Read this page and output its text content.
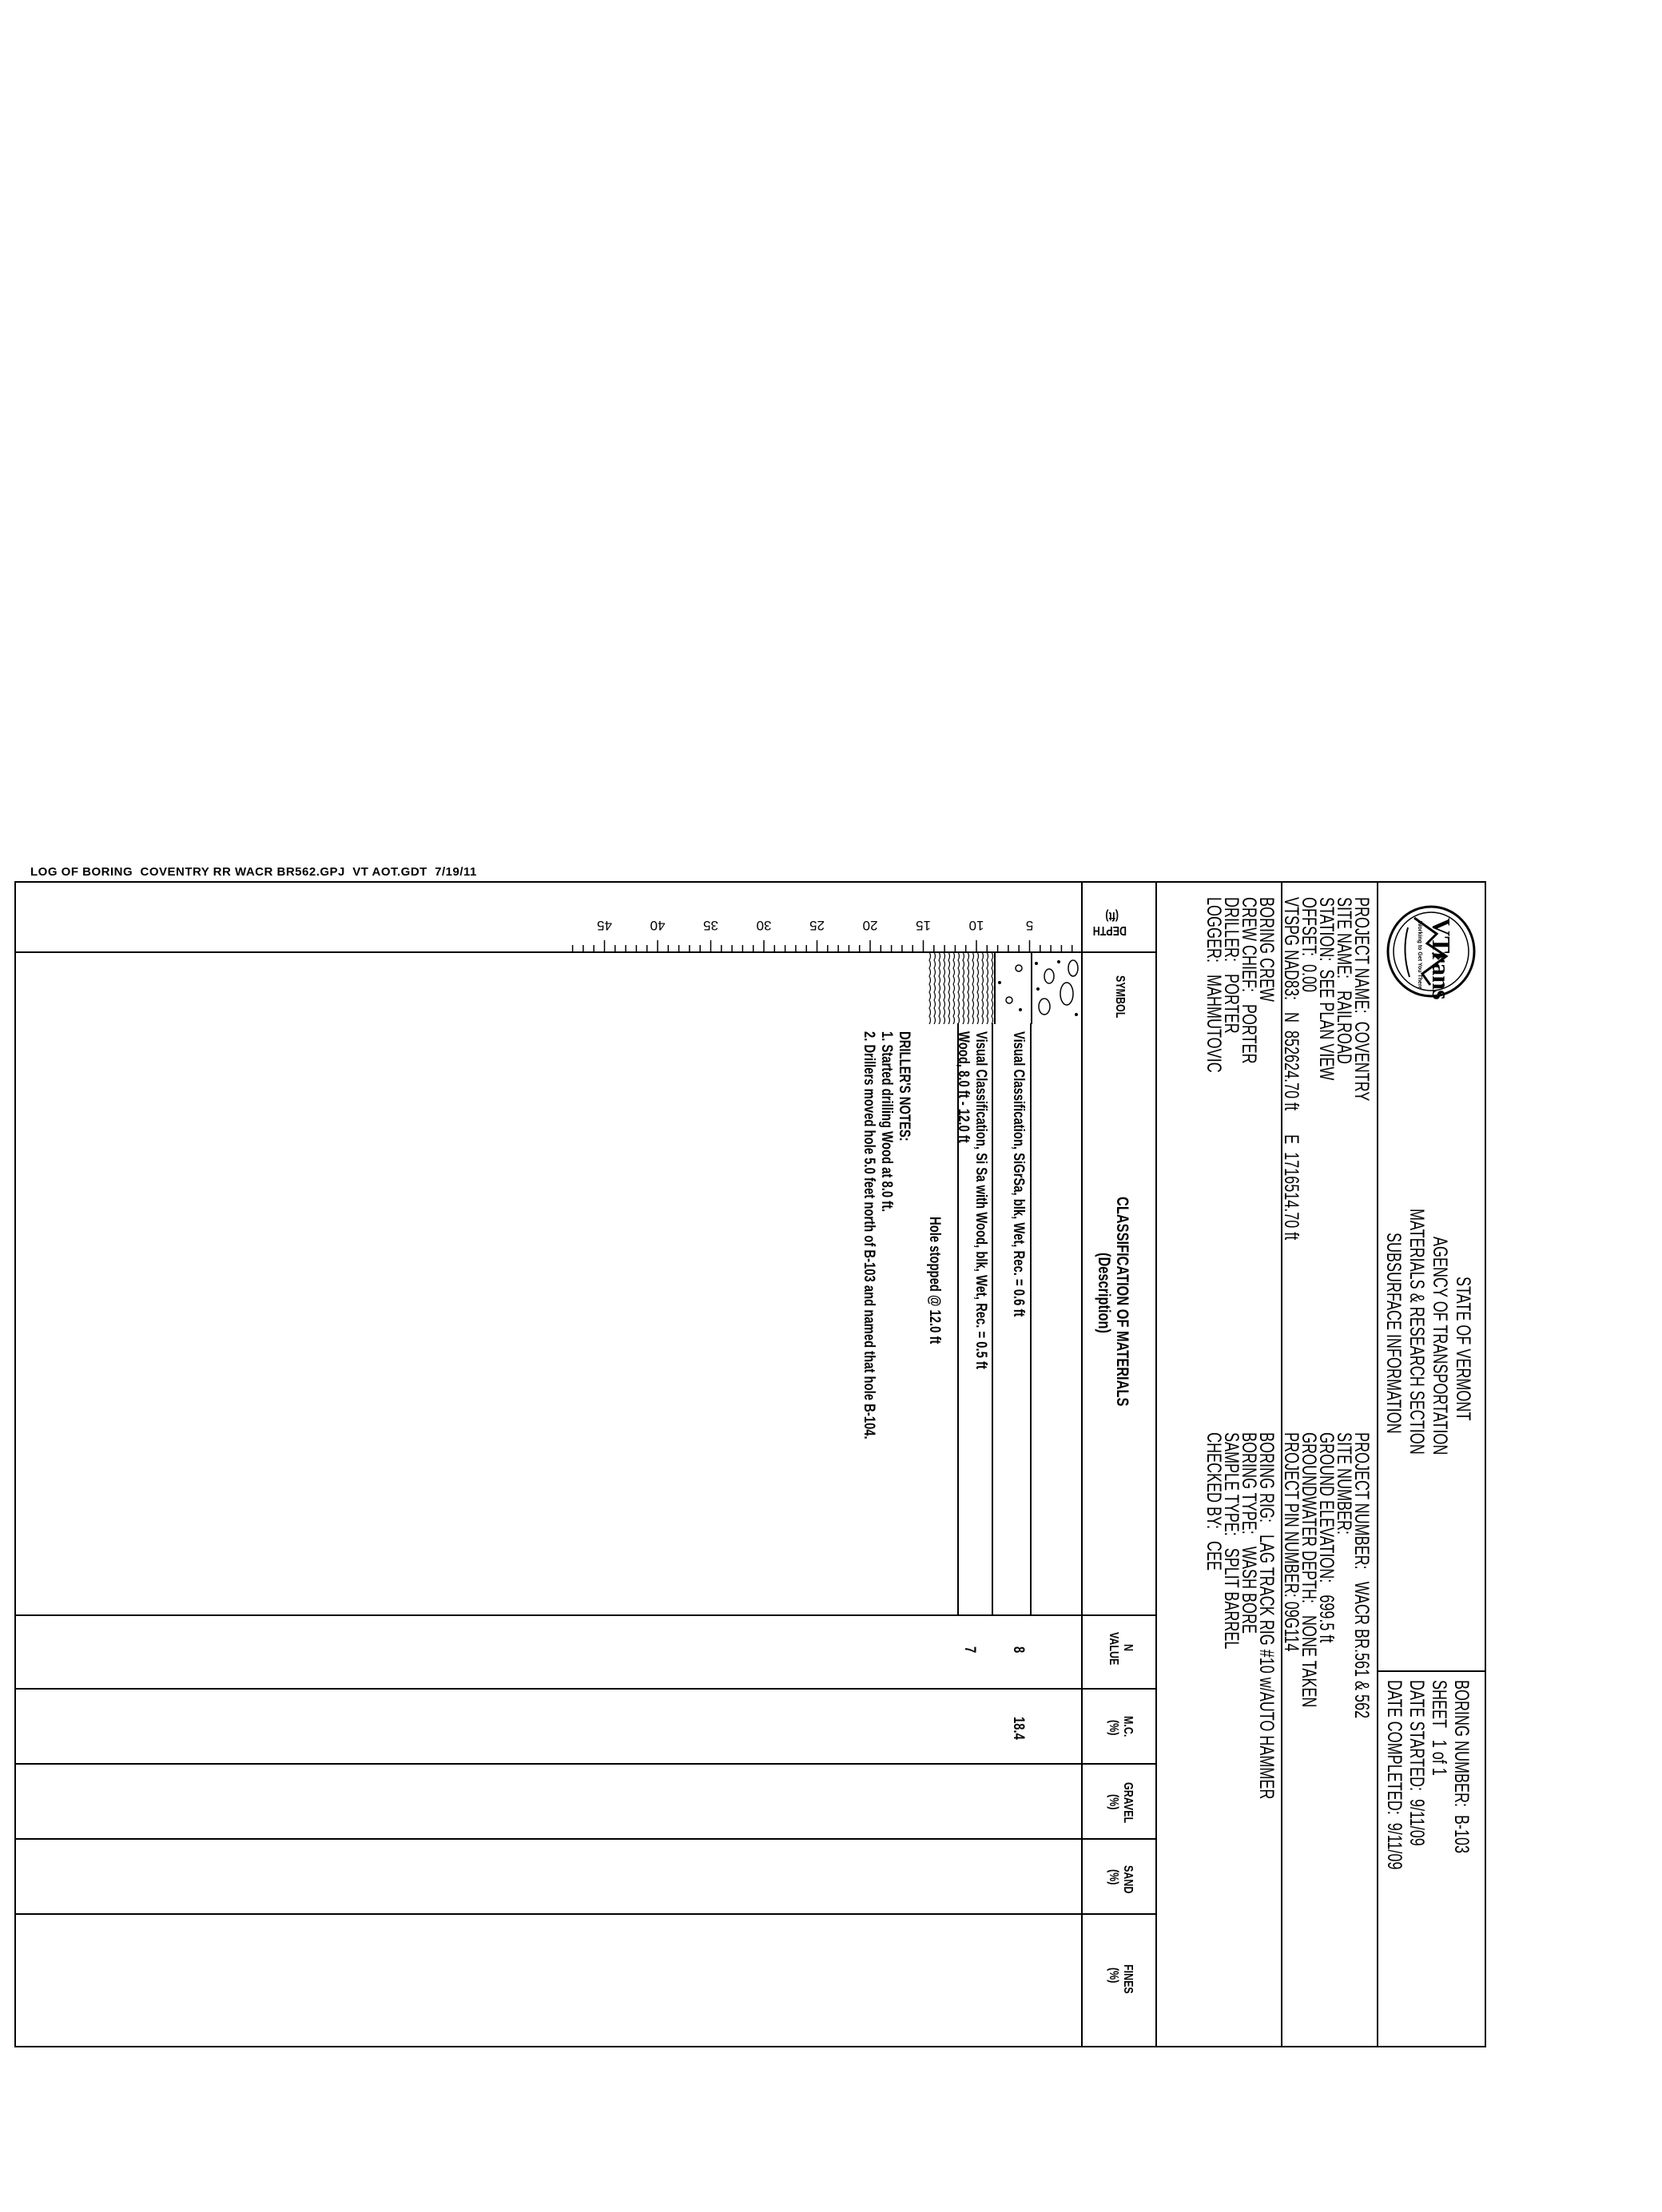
LOG OF BORING  COVENTRY RR WACR BR562.GPJ  VT AOT.GDT  7/19/11
VTrans
Working to Get You There
STATE OF VERMONT
AGENCY OF TRANSPORTATION
MATERIALS & RESEARCH SECTION
SUBSURFACE INFORMATION
BORING NUMBER:  B-103
SHEET   1 of 1
DATE STARTED:  9/11/09
DATE COMPLETED:  9/11/09
PROJECT NAME:  COVENTRY
SITE NAME:   RAILROAD
STATION:  SEE PLAN VIEW
OFFSET:  0.00
VTSPG NAD83:   N  852624.70 ft      E  1716514.70 ft
PROJECT NUMBER:   WACR BR.561 & 562
SITE NUMBER:
GROUND ELEVATION:   699.5 ft
GROUNDWATER DEPTH:   NONE TAKEN
PROJECT PIN NUMBER: 09G114
BORING CREW
CREW CHIEF:   PORTER
DRILLER:   PORTER
LOGGER:   MAHMUTOVIC
BORING RIG:   LAG TRACK RIG #10 w/AUTO HAMMER
BORING TYPE:   WASH BORE
SAMPLE TYPE:   SPLIT BARREL
CHECKED BY:   CEE
DEPTH
(ft)
SYMBOL
CLASSIFICATION OF MATERIALS
(Description)
N
VALUE
M.C.
(%)
GRAVEL
(%)
SAND
(%)
FINES
(%)
5
10
15
20
25
30
35
40
45
Visual Classification, SiGrSa, blk, Wet, Rec. = 0.6 ft
Visual Classification, Si Sa with Wood, blk, Wet, Rec. = 0.5 ft
Wood, 8.0 ft - 12.0 ft
Hole stopped @ 12.0 ft
DRILLER'S NOTES:
1. Started drilling Wood at 8.0 ft.
2. Drillers moved hole 5.0 feet north of B-103 and named that hole B-104.
8
18.4
7
